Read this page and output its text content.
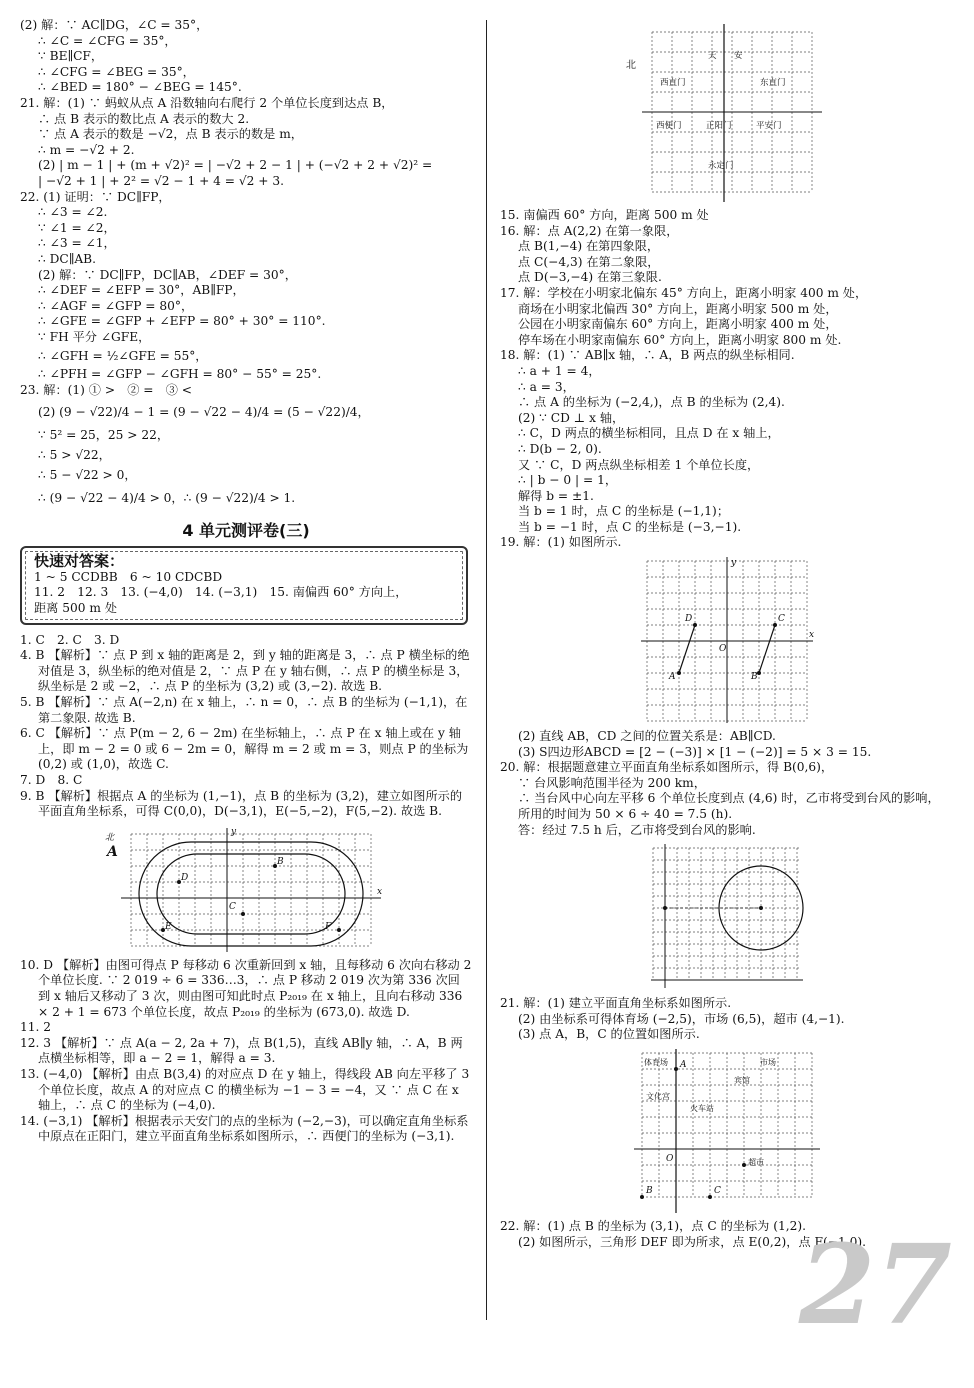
(2) 解：∵ AC∥DG，∠C = 35°，
∴ ∠C = ∠CFG = 35°，
∵ BE∥CF，
∴ ∠CFG = ∠BEG = 35°，
∴ ∠BED = 180° − ∠BEG = 145°.
21. 解：(1) ∵ 蚂蚁从点 A 沿数轴向右爬行 2 个单位长度到达点 B，
∴ 点 B 表示的数比点 A 表示的数大 2.
∵ 点 A 表示的数是 −√2，点 B 表示的数是 m，
∴ m = −√2 + 2.
(2) | m − 1 | + (m + √2)² = | −√2 + 2 − 1 | + (−√2 + 2 + √2)² =
| −√2 + 1 | + 2² = √2 − 1 + 4 = √2 + 3.
22. (1) 证明：∵ DC∥FP，
∴ ∠3 = ∠2.
∵ ∠1 = ∠2，
∴ ∠3 = ∠1，
∴ DC∥AB.
(2) 解：∵ DC∥FP，DC∥AB，∠DEF = 30°，
∴ ∠DEF = ∠EFP = 30°，AB∥FP，
∴ ∠AGF = ∠GFP = 80°，
∴ ∠GFE = ∠GFP + ∠EFP = 80° + 30° = 110°.
∵ FH 平分 ∠GFE，
∴ ∠GFH = ½∠GFE = 55°，
∴ ∠PFH = ∠GFP − ∠GFH = 80° − 55° = 25°.
23. 解：(1) ① >　② =　③ <
(2) (9 − √22)/4 − 1 = (9 − √22 − 4)/4 = (5 − √22)/4，
∵ 5² = 25，25 > 22，
∴ 5 > √22，
∴ 5 − √22 > 0，
∴ (9 − √22 − 4)/4 > 0，∴ (9 − √22)/4 > 1.
4 单元测评卷(三)
快速对答案：
1 ~ 5 CCDBB　6 ~ 10 CDCBD
11. 2　12. 3　13. (−4,0)　14. (−3,1)　15. 南偏西 60° 方向上，
距离 500 m 处
1. C　2. C　3. D
4. B 【解析】∵ 点 P 到 x 轴的距离是 2，到 y 轴的距离是 3，∴ 点 P 横坐标的绝对值是 3，纵坐标的绝对值是 2，∵ 点 P 在 y 轴右侧，∴ 点 P 的横坐标是 3，纵坐标是 2 或 −2，∴ 点 P 的坐标为 (3,2) 或 (3,−2). 故选 B.
5. B 【解析】∵ 点 A(−2,n) 在 x 轴上，∴ n = 0，∴ 点 B 的坐标为 (−1,1)，在第二象限. 故选 B.
6. C 【解析】∵ 点 P(m − 2, 6 − 2m) 在坐标轴上，∴ 点 P 在 x 轴上或在 y 轴上，即 m − 2 = 0 或 6 − 2m = 0，解得 m = 2 或 m = 3，则点 P 的坐标为 (0,2) 或 (1,0)，故选 C.
7. D　8. C
9. B 【解析】根据点 A 的坐标为 (1,−1)，点 B 的坐标为 (3,2)，建立如图所示的平面直角坐标系，可得 C(0,0)，D(−3,1)，E(−5,−2)，F(5,−2). 故选 B.
北
A
B
C
D
E	F
x
y
10. D 【解析】由图可得点 P 每移动 6 次重新回到 x 轴，且每移动 6 次向右移动 2 个单位长度. ∵ 2 019 ÷ 6 = 336…3，∴ 点 P 移动 2 019 次为第 336 次回到 x 轴后又移动了 3 次，则由图可知此时点 P₂₀₁₉ 在 x 轴上，且向右移动 336 × 2 + 1 = 673 个单位长度，故点 P₂₀₁₉ 的坐标为 (673,0). 故选 D.
11. 2
12. 3 【解析】∵ 点 A(a − 2, 2a + 7)，点 B(1,5)，直线 AB∥y 轴，∴ A，B 两点横坐标相等，即 a − 2 = 1，解得 a = 3.
13. (−4,0) 【解析】由点 B(3,4) 的对应点 D 在 y 轴上，得线段 AB 向左平移了 3 个单位长度，故点 A 的对应点 C 的横坐标为 −1 − 3 = −4，又 ∵ 点 C 在 x 轴上，∴ 点 C 的坐标为 (−4,0).
14. (−3,1) 【解析】根据表示天安门的点的坐标为 (−2,−3)，可以确定直角坐标系中原点在正阳门，建立平面直角坐标系如图所示，∴ 西便门的坐标为 (−3,1).
北
西直门
天 安
东直门
正阳门	平安门
西便门
永定门
15. 南偏西 60° 方向，距离 500 m 处
16. 解：点 A(2,2) 在第一象限，
点 B(1,−4) 在第四象限，
点 C(−4,3) 在第二象限，
点 D(−3,−4) 在第三象限.
17. 解：学校在小明家北偏东 45° 方向上，距离小明家 400 m 处，
商场在小明家北偏西 30° 方向上，距离小明家 500 m 处，
公园在小明家南偏东 60° 方向上，距离小明家 400 m 处，
停车场在小明家南偏东 60° 方向上，距离小明家 800 m 处.
18. 解：(1) ∵ AB∥x 轴，∴ A，B 两点的纵坐标相同.
∴ a + 1 = 4，
∴ a = 3，
∴ 点 A 的坐标为 (−2,4,)，点 B 的坐标为 (2,4).
(2) ∵ CD ⊥ x 轴，
∴ C，D 两点的横坐标相同，且点 D 在 x 轴上，
∴ D(b − 2, 0).
又 ∵ C，D 两点纵坐标相差 1 个单位长度，
∴ | b − 0 | = 1，
解得 b = ±1.
当 b = 1 时，点 C 的坐标是 (−1,1)；
当 b = −1 时，点 C 的坐标是 (−3,−1).
19. 解：(1) 如图所示.
A	B
C
D
O
x
y
(2) 直线 AB，CD 之间的位置关系是：AB∥CD.
(3) S四边形ABCD = [2 − (−3)] × [1 − (−2)] = 5 × 3 = 15.
20. 解：根据题意建立平面直角坐标系如图所示，得 B(0,6)，
∵ 台风影响范围半径为 200 km，
∴ 当台风中心向左平移 6 个单位长度到点 (4,6) 时，乙市将受到台风的影响，
所用的时间为 50 × 6 ÷ 40 = 7.5 (h).
答：经过 7.5 h 后，乙市将受到台风的影响.
21. 解：(1) 建立平面直角坐标系如图所示.
(2) 由坐标系可得体育场 (−2,5)，市场 (6,5)，超市 (4,−1).
(3) 点 A，B，C 的位置如图所示.
体育场	市场
文化宫
宾馆
火车站
超市
A
B	C
O
22. 解：(1) 点 B 的坐标为 (3,1)，点 C 的坐标为 (1,2).
(2) 如图所示，三角形 DEF 即为所求，点 E(0,2)，点 F(−1,0).
27
